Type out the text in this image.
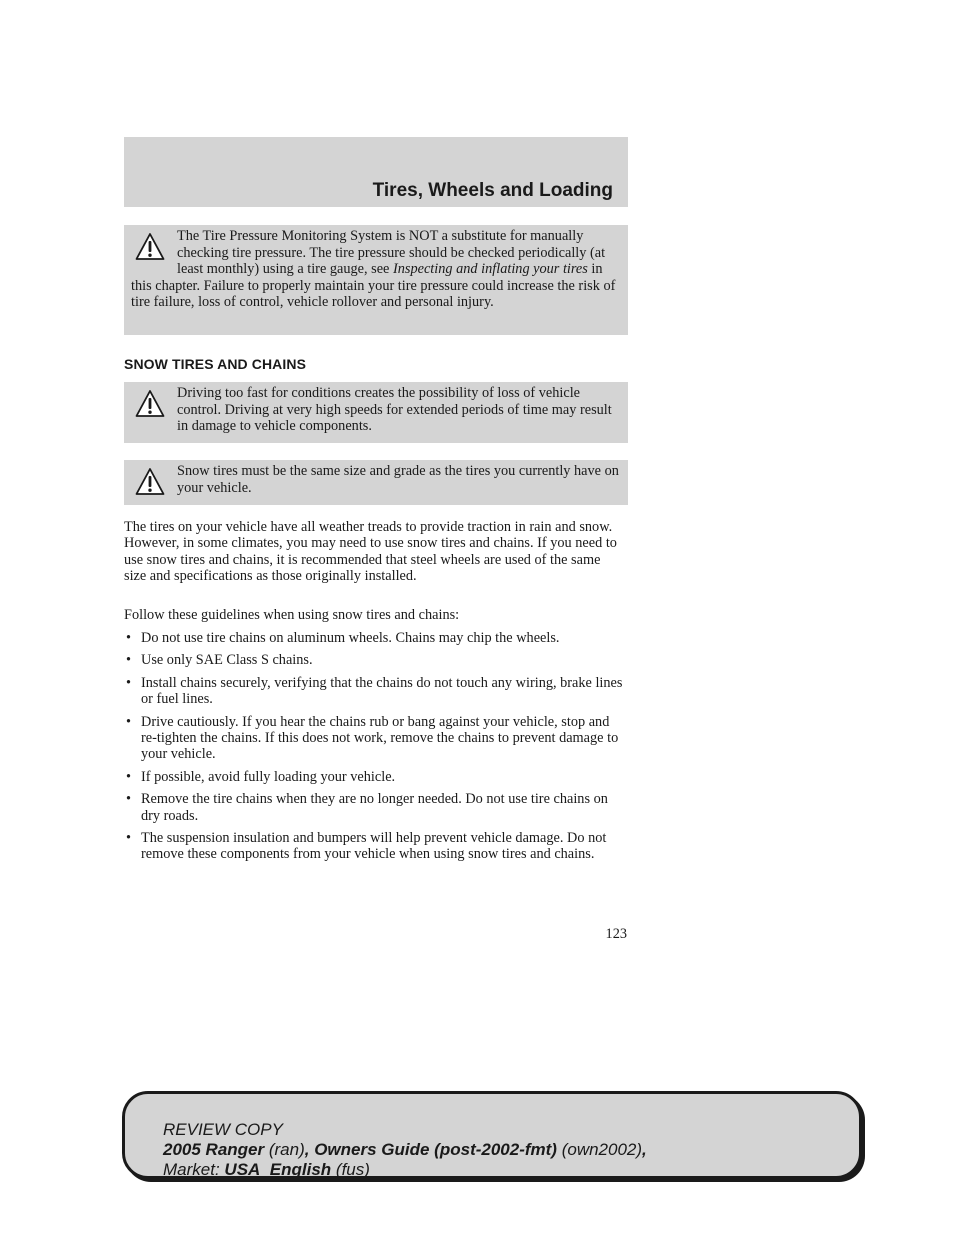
Tires, Wheels and Loading

The Tire Pressure Monitoring System is NOT a substitute for manually checking tire pressure. The tire pressure should be checked periodically (at least monthly) using a tire gauge, see Inspecting and inflating your tires in this chapter. Failure to properly maintain your tire pressure could increase the risk of tire failure, loss of control, vehicle rollover and personal injury.

SNOW TIRES AND CHAINS

Driving too fast for conditions creates the possibility of loss of vehicle control. Driving at very high speeds for extended periods of time may result in damage to vehicle components.

Snow tires must be the same size and grade as the tires you currently have on your vehicle.

The tires on your vehicle have all weather treads to provide traction in rain and snow. However, in some climates, you may need to use snow tires and chains. If you need to use snow tires and chains, it is recommended that steel wheels are used of the same size and specifications as those originally installed.

Follow these guidelines when using snow tires and chains:

• Do not use tire chains on aluminum wheels. Chains may chip the wheels.
• Use only SAE Class S chains.
• Install chains securely, verifying that the chains do not touch any wiring, brake lines or fuel lines.
• Drive cautiously. If you hear the chains rub or bang against your vehicle, stop and re-tighten the chains. If this does not work, remove the chains to prevent damage to your vehicle.
• If possible, avoid fully loading your vehicle.
• Remove the tire chains when they are no longer needed. Do not use tire chains on dry roads.
• The suspension insulation and bumpers will help prevent vehicle damage. Do not remove these components from your vehicle when using snow tires and chains.
123
REVIEW COPY
2005 Ranger (ran), Owners Guide (post-2002-fmt) (own2002),
Market: USA_English (fus)
